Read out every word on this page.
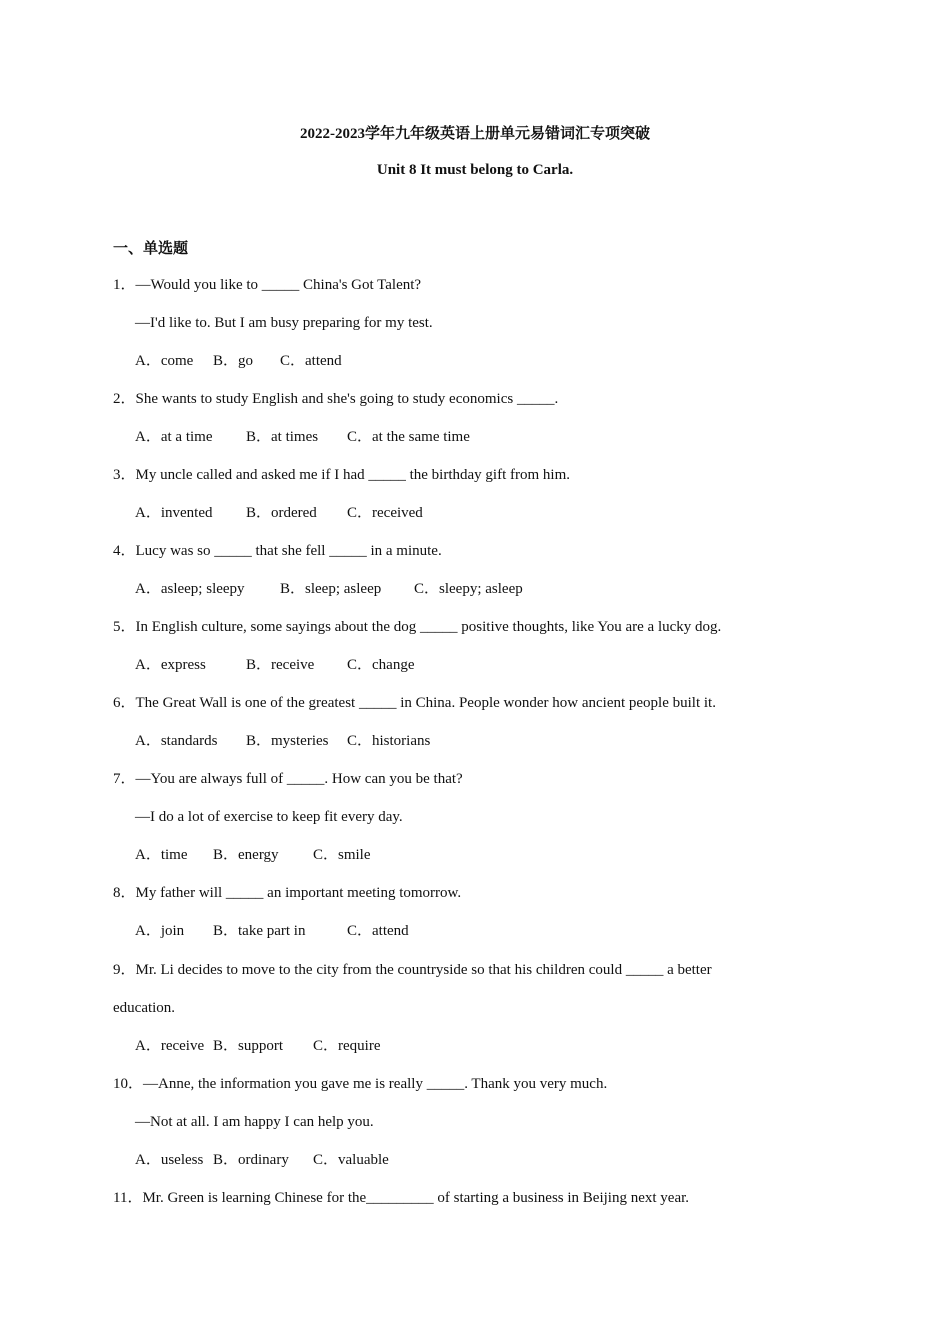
2022-2023学年九年级英语上册单元易错词汇专项突破
Unit 8 It must belong to Carla.
一、单选题
1．—Would you like to _____ China's Got Talent?
—I'd like to. But I am busy preparing for my test.
A．come B．go C．attend
2．She wants to study English and she's going to study economics _____.
A．at a time B．at times C．at the same time
3．My uncle called and asked me if I had _____ the birthday gift from him.
A．invented B．ordered C．received
4．Lucy was so _____ that she fell _____ in a minute.
A．asleep; sleepy B．sleep; asleep C．sleepy; asleep
5．In English culture, some sayings about the dog _____ positive thoughts, like You are a lucky dog.
A．express	B．receive C．change
6．The Great Wall is one of the greatest _____ in China. People wonder how ancient people built it.
A．standards B．mysteries C．historians
7．—You are always full of _____. How can you be that?
—I do a lot of exercise to keep fit every day.
A．time B．energy C．smile
8．My father will _____ an important meeting tomorrow.
A．join B．take part in	C．attend
9．Mr. Li decides to move to the city from the countryside so that his children could _____ a better
education.
A．receive B．support C．require
10．—Anne, the information you gave me is really _____. Thank you very much.
—Not at all. I am happy I can help you.
A．useless B．ordinary C．valuable
11．Mr. Green is learning Chinese for the_________ of starting a business in Beijing next year.
